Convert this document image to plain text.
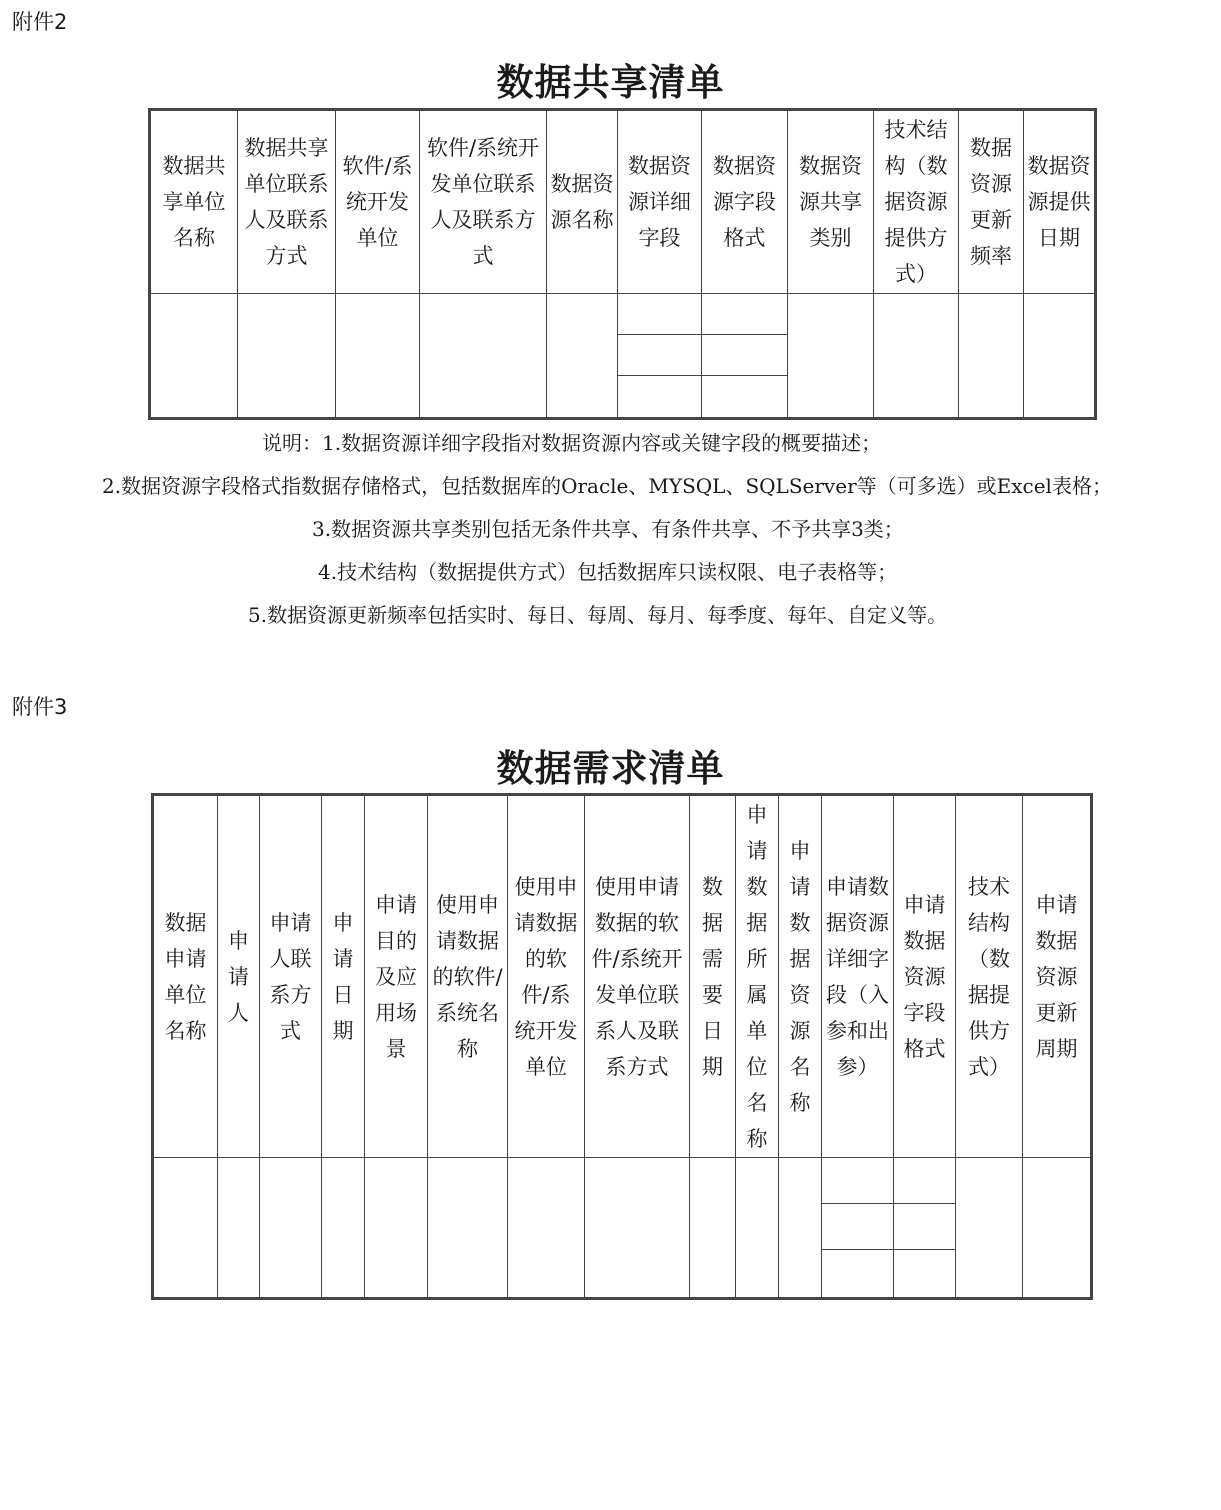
附件2
数据共享清单
数据共享单位名称	数据共享单位联系人及联系方式	软件/系统开发单位	软件/系统开发单位联系人及联系方式	数据资源名称	数据资源详细字段	数据资源字段格式	数据资源共享类别	技术结构（数据资源提供方式）	数据资源更新频率	数据资源提供日期

说明：1.数据资源详细字段指对数据资源内容或关键字段的概要描述；
2.数据资源字段格式指数据存储格式，包括数据库的Oracle、MYSQL、SQLServer等（可多选）或Excel表格；
3.数据资源共享类别包括无条件共享、有条件共享、不予共享3类；
4.技术结构（数据提供方式）包括数据库只读权限、电子表格等；
5.数据资源更新频率包括实时、每日、每周、每月、每季度、每年、自定义等。
附件3
数据需求清单
数据申请单位名称	申请人	申请人联系方式	申请日期	申请目的及应用场景	使用申请数据的软件/系统名称	使用申请数据的软件/系统开发单位	使用申请数据的软件/系统开发单位联系人及联系方式	数据需要日期	申请数据所属单位名称	申请数据资源名称	申请数据资源详细字段（入参和出参）	申请数据资源字段格式	技术结构（数据提供方式）	申请数据资源更新周期
